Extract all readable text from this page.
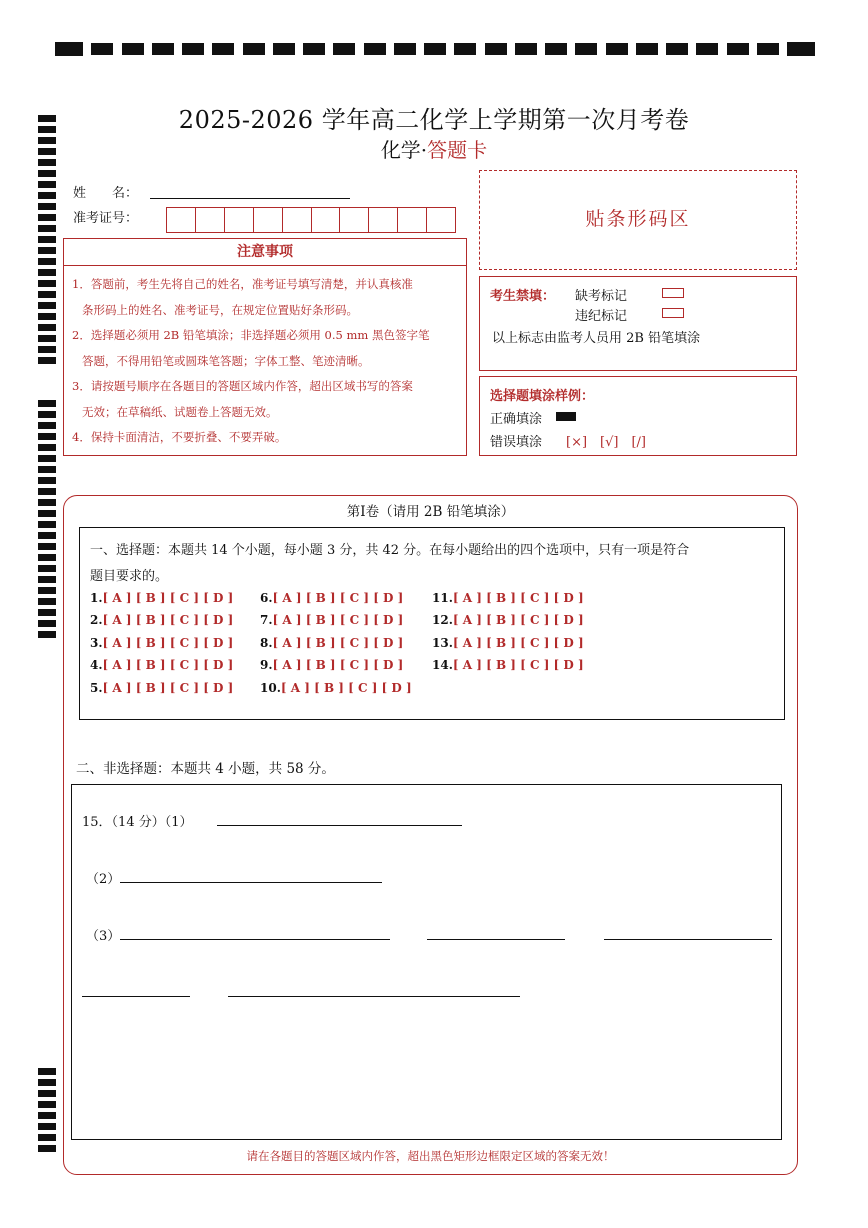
2025-2026 学年高二化学上学期第一次月考卷
化学·答题卡
姓　　名：
准考证号：
注意事项
1．答题前，考生先将自己的姓名，准考证号填写清楚，并认真核准
条形码上的姓名、准考证号，在规定位置贴好条形码。
2．选择题必须用 2B 铅笔填涂；非选择题必须用 0.5 mm 黑色签字笔
答题，不得用铅笔或圆珠笔答题；字体工整、笔迹清晰。
3．请按题号顺序在各题目的答题区域内作答，超出区域书写的答案
无效；在草稿纸、试题卷上答题无效。
4．保持卡面清洁，不要折叠、不要弄破。
贴条形码区
考生禁填： 缺考标记
违纪标记
以上标志由监考人员用 2B 铅笔填涂
选择题填涂样例：
正确填涂
错误填涂 [×]　[√]　[/]
第Ⅰ卷（请用 2B 铅笔填涂）
一、选择题：本题共 14 个小题，每小题 3 分，共 42 分。在每小题给出的四个选项中，只有一项是符合
题目要求的。
1.[ A ] [ B ] [ C ] [ D ]
2.[ A ] [ B ] [ C ] [ D ]
3.[ A ] [ B ] [ C ] [ D ]
4.[ A ] [ B ] [ C ] [ D ]
5.[ A ] [ B ] [ C ] [ D ]
6.[ A ] [ B ] [ C ] [ D ]
7.[ A ] [ B ] [ C ] [ D ]
8.[ A ] [ B ] [ C ] [ D ]
9.[ A ] [ B ] [ C ] [ D ]
10.[ A ] [ B ] [ C ] [ D ]
11.[ A ] [ B ] [ C ] [ D ]
12.[ A ] [ B ] [ C ] [ D ]
13.[ A ] [ B ] [ C ] [ D ]
14.[ A ] [ B ] [ C ] [ D ]
二、非选择题：本题共 4 小题，共 58 分。
15．（14 分）（1）
（2）
（3）
请在各题目的答题区域内作答，超出黑色矩形边框限定区域的答案无效！
